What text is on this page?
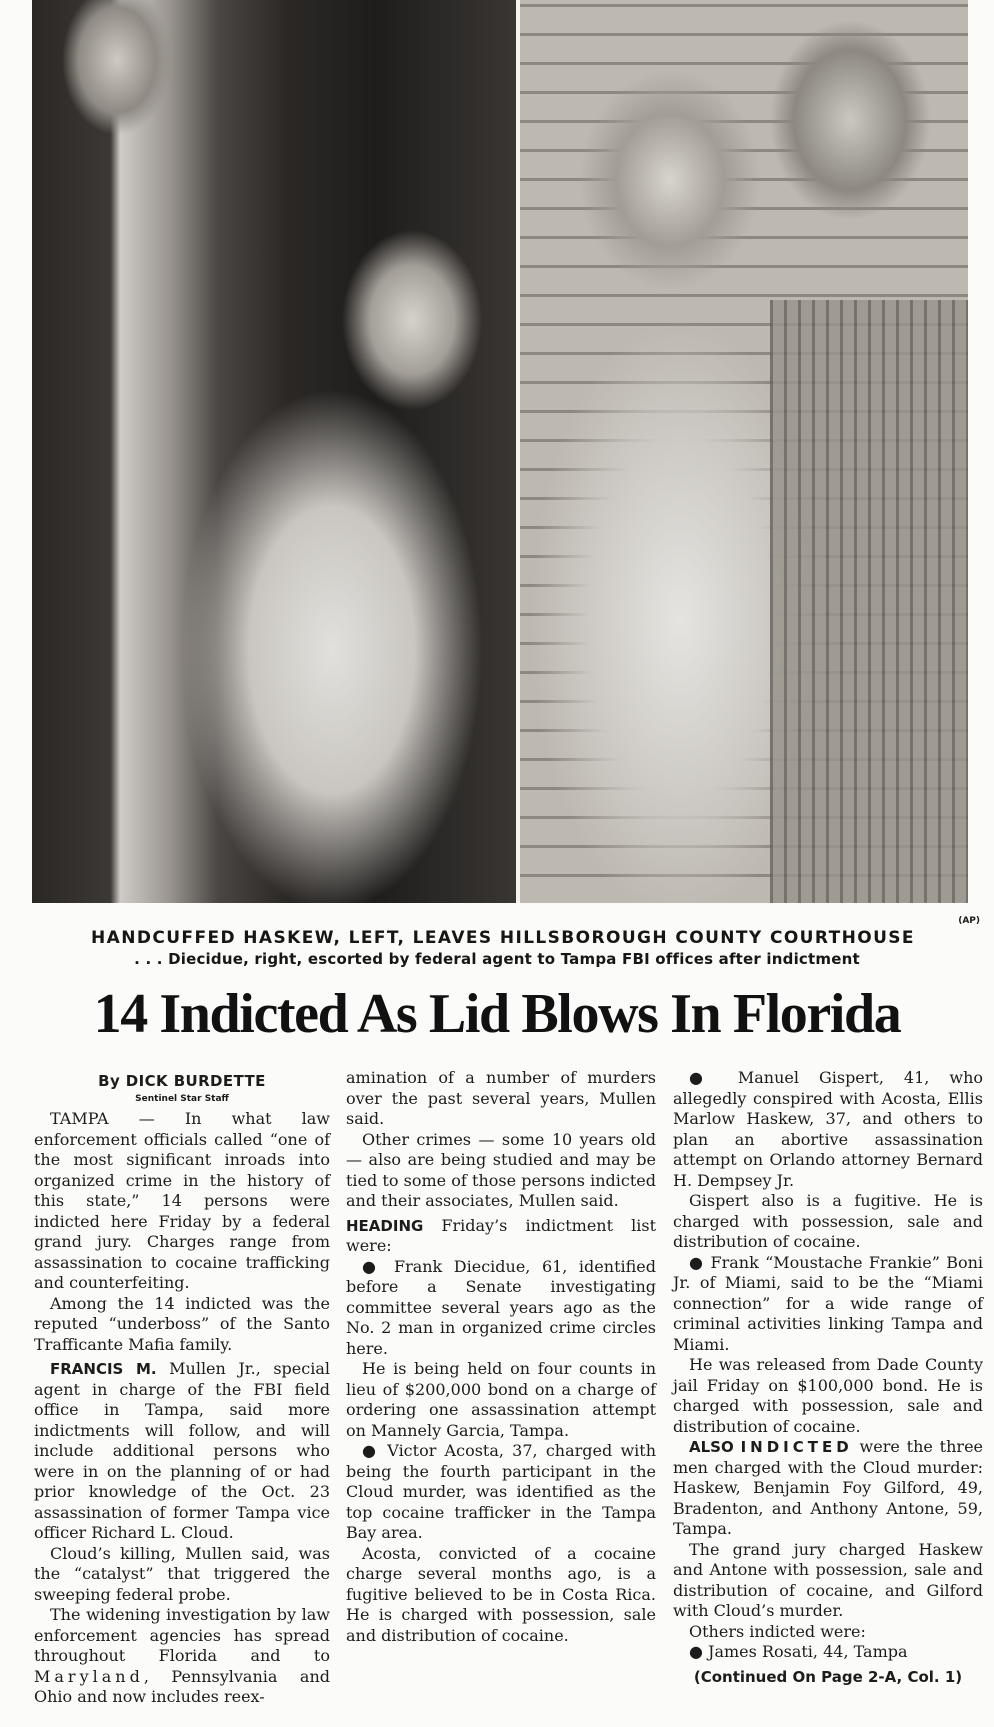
(AP)
HANDCUFFED HASKEW, LEFT, LEAVES HILLSBOROUGH COUNTY COURTHOUSE
. . . Diecidue, right, escorted by federal agent to Tampa FBI offices after indictment
14 Indicted As Lid Blows In Florida
By DICK BURDETTE
Sentinel Star Staff

TAMPA — In what law enforcement officials called “one of the most significant inroads into organized crime in the history of this state,” 14 persons were indicted here Friday by a federal grand jury. Charges range from assassination to cocaine trafficking and counterfeiting.

Among the 14 indicted was the reputed “underboss” of the Santo Trafficante Mafia family.

FRANCIS M. Mullen Jr., special agent in charge of the FBI field office in Tampa, said more indictments will follow, and will include additional persons who were in on the planning of or had prior knowledge of the Oct. 23 assassination of former Tampa vice officer Richard L. Cloud.

Cloud’s killing, Mullen said, was the “catalyst” that triggered the sweeping federal probe.

The widening investigation by law enforcement agencies has spread throughout Florida and to Maryland, Pennsylvania and Ohio and now includes reex-

amination of a number of murders over the past several years, Mullen said.

Other crimes — some 10 years old — also are being studied and may be tied to some of those persons indicted and their associates, Mullen said.

HEADING Friday’s indictment list were:

● Frank Diecidue, 61, identified before a Senate investigating committee several years ago as the No. 2 man in organized crime circles here.

He is being held on four counts in lieu of $200,000 bond on a charge of ordering one assassination attempt on Mannely Garcia, Tampa.

● Victor Acosta, 37, charged with being the fourth participant in the Cloud murder, was identified as the top cocaine trafficker in the Tampa Bay area.

Acosta, convicted of a cocaine charge several months ago, is a fugitive believed to be in Costa Rica. He is charged with possession, sale and distribution of cocaine.

● Manuel Gispert, 41, who allegedly conspired with Acosta, Ellis Marlow Haskew, 37, and others to plan an abortive assassination attempt on Orlando attorney Bernard H. Dempsey Jr.

Gispert also is a fugitive. He is charged with possession, sale and distribution of cocaine.

● Frank “Moustache Frankie” Boni Jr. of Miami, said to be the “Miami connection” for a wide range of criminal activities linking Tampa and Miami.

He was released from Dade County jail Friday on $100,000 bond. He is charged with possession, sale and distribution of cocaine.

ALSO INDICTED were the three men charged with the Cloud murder: Haskew, Benjamin Foy Gilford, 49, Bradenton, and Anthony Antone, 59, Tampa.

The grand jury charged Haskew and Antone with possession, sale and distribution of cocaine, and Gilford with Cloud’s murder.

Others indicted were:

● James Rosati, 44, Tampa

(Continued On Page 2-A, Col. 1)
